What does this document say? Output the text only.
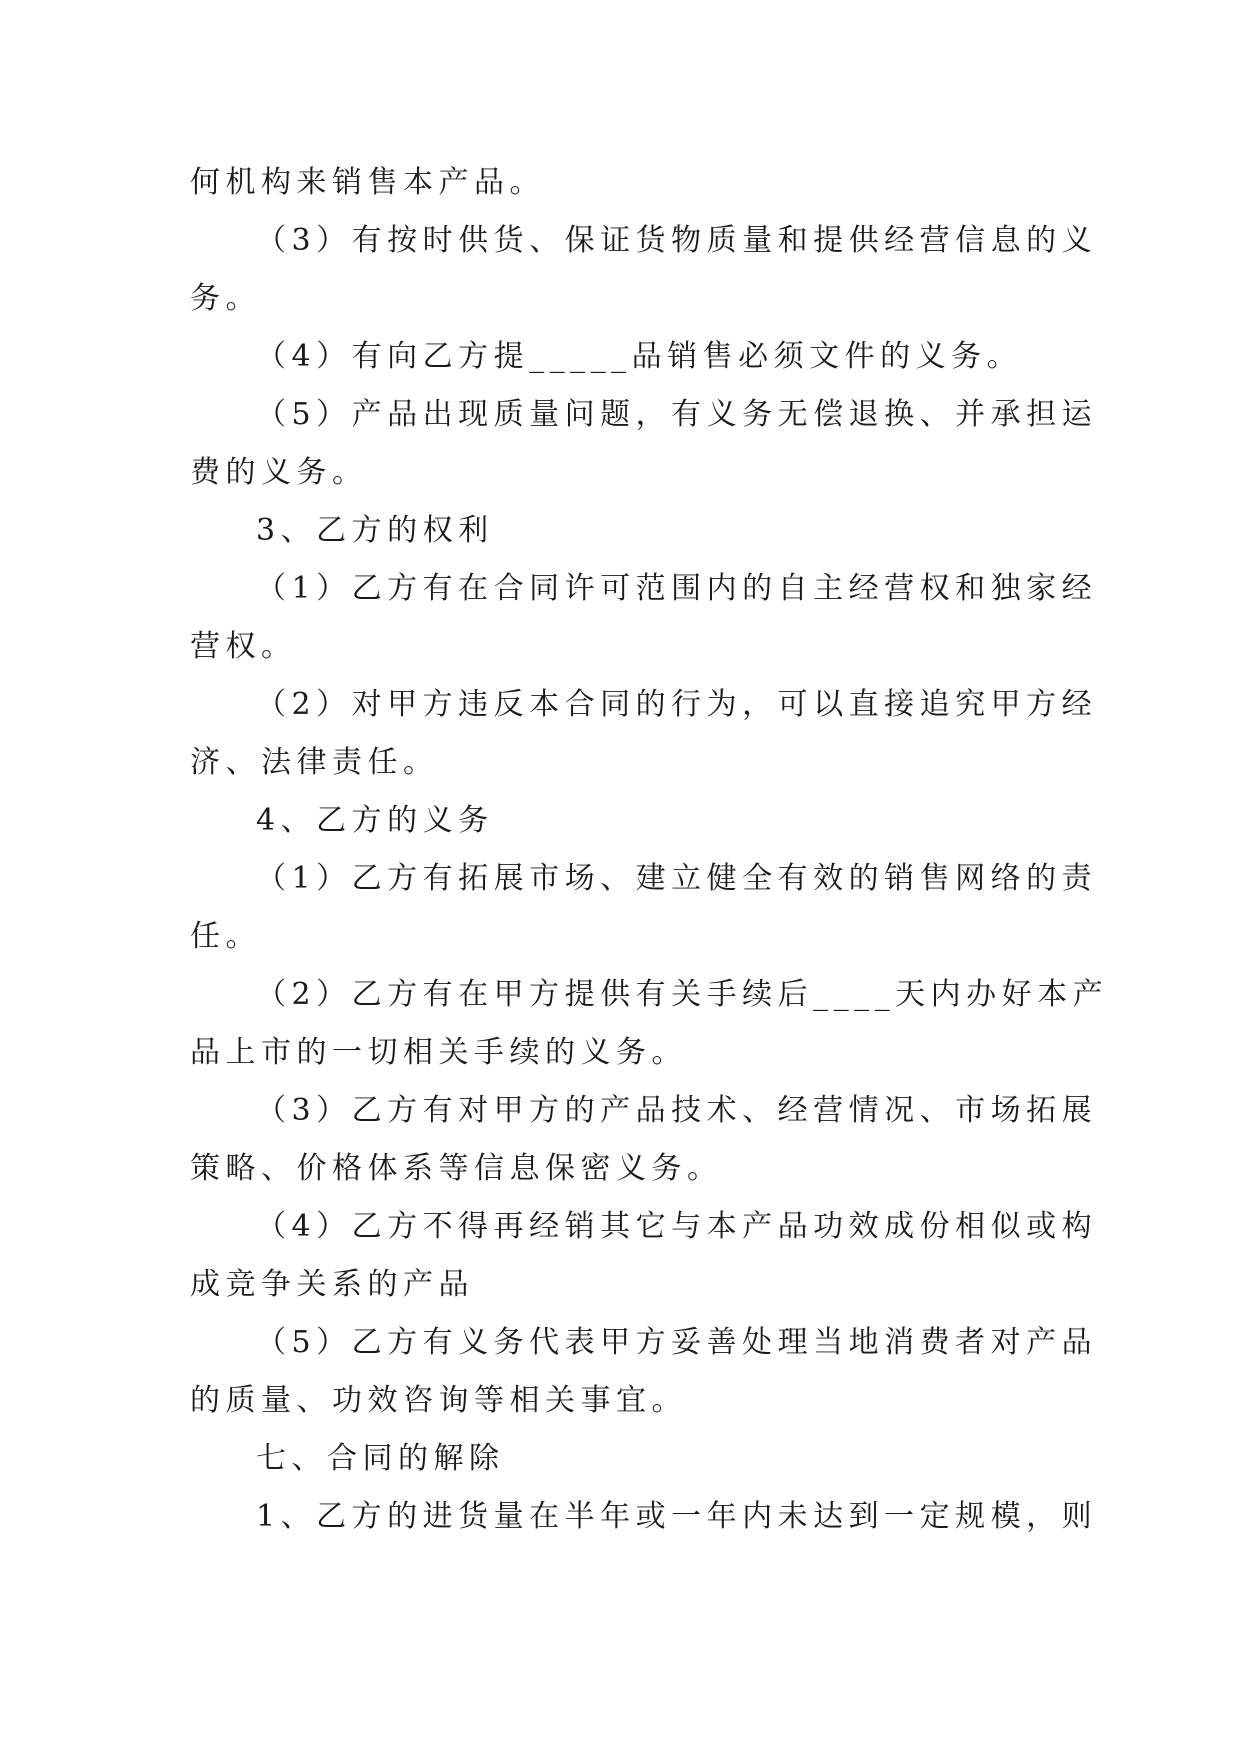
何机构来销售本产品。
（3）有按时供货、保证货物质量和提供经营信息的义
务。
（4）有向乙方提_____品销售必须文件的义务。
（5）产品出现质量问题，有义务无偿退换、并承担运
费的义务。
3、乙方的权利
（1）乙方有在合同许可范围内的自主经营权和独家经
营权。
（2）对甲方违反本合同的行为，可以直接追究甲方经
济、法律责任。
4、乙方的义务
（1）乙方有拓展市场、建立健全有效的销售网络的责
任。
（2）乙方有在甲方提供有关手续后____天内办好本产
品上市的一切相关手续的义务。
（3）乙方有对甲方的产品技术、经营情况、市场拓展
策略、价格体系等信息保密义务。
（4）乙方不得再经销其它与本产品功效成份相似或构
成竞争关系的产品
（5）乙方有义务代表甲方妥善处理当地消费者对产品
的质量、功效咨询等相关事宜。
七、合同的解除
1、乙方的进货量在半年或一年内未达到一定规模，则
